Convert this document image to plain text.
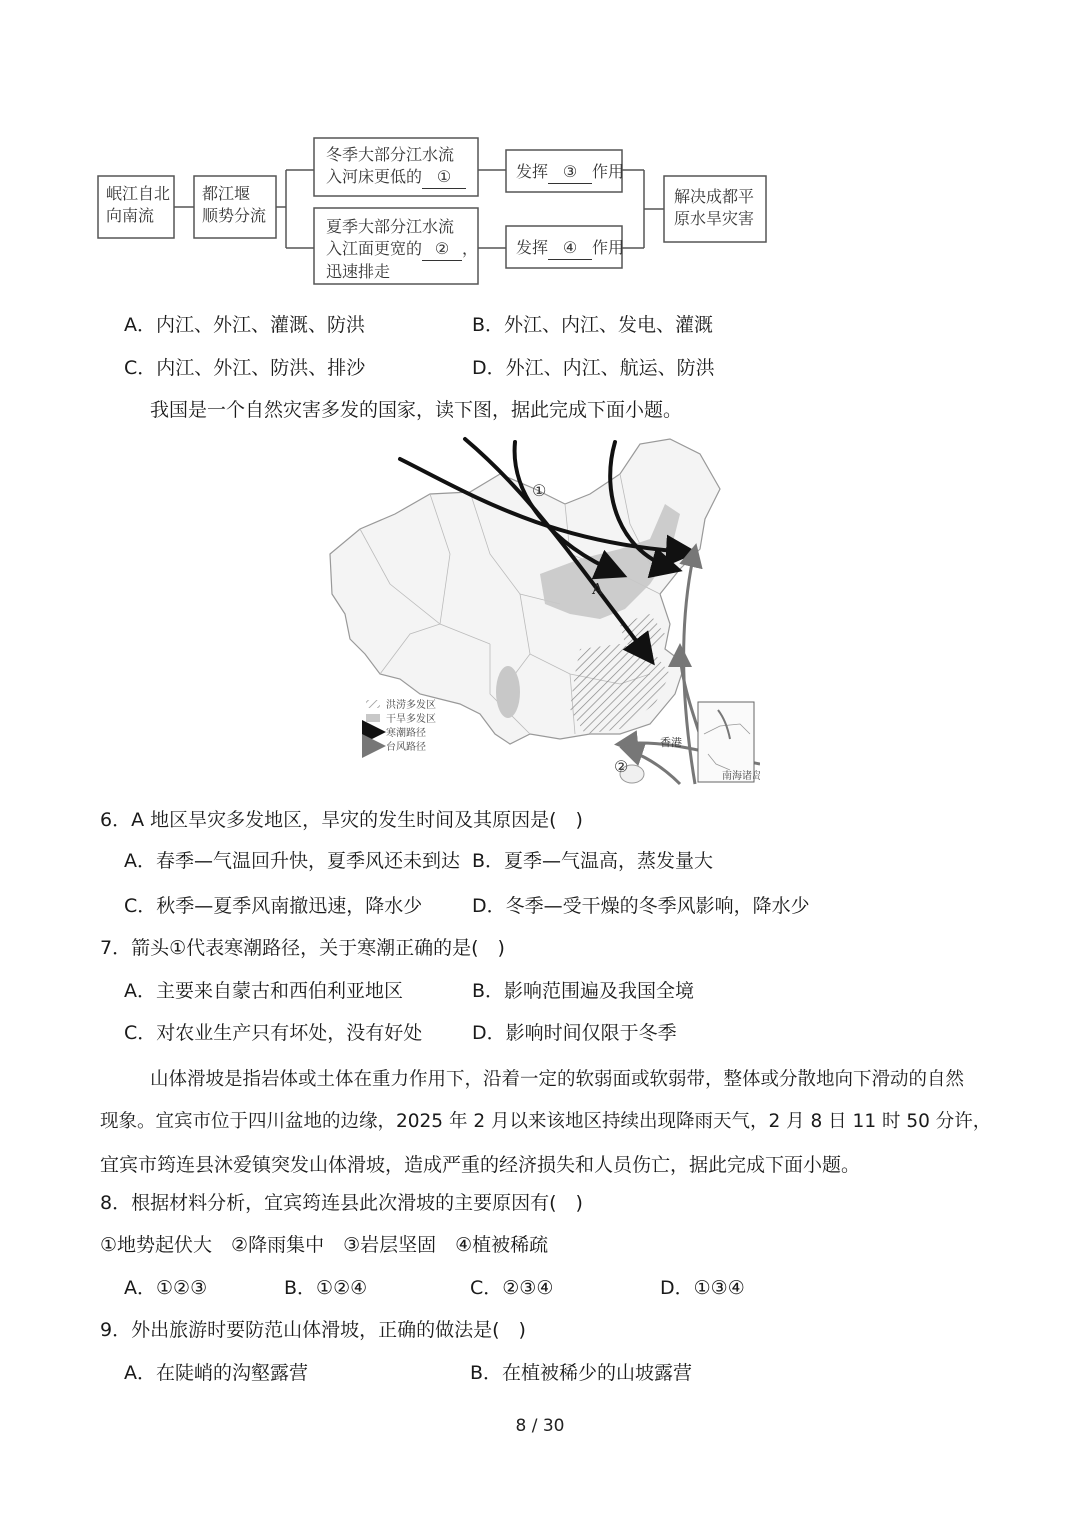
岷江自北
向南流
都江堰
顺势分流
冬季大部分江水流
入河床更低的 ①
夏季大部分江水流
入江面更宽的 ② ，
迅速排走
发挥 ③ 作用
发挥 ④ 作用
解决成都平
原水旱灾害
A．内江、外江、灌溉、防洪	B．外江、内江、发电、灌溉
C．内江、外江、防洪、排沙	D．外江、内江、航运、防洪
我国是一个自然灾害多发的国家，读下图，据此完成下面小题。
南海诸岛
①
A
②
香港
洪涝多发区
干旱多发区
寒潮路径
台风路径
6．A 地区旱灾多发地区，旱灾的发生时间及其原因是(　)
A．春季—气温回升快，夏季风还未到达 B．夏季—气温高，蒸发量大
C．秋季—夏季风南撤迅速，降水少	D．冬季—受干燥的冬季风影响，降水少
7．箭头①代表寒潮路径，关于寒潮正确的是(　)
A．主要来自蒙古和西伯利亚地区	B．影响范围遍及我国全境
C．对农业生产只有坏处，没有好处	D．影响时间仅限于冬季
山体滑坡是指岩体或土体在重力作用下，沿着一定的软弱面或软弱带，整体或分散地向下滑动的自然
现象。宜宾市位于四川盆地的边缘，2025 年 2 月以来该地区持续出现降雨天气，2 月 8 日 11 时 50 分许，
宜宾市筠连县沐爱镇突发山体滑坡，造成严重的经济损失和人员伤亡，据此完成下面小题。
8．根据材料分析，宜宾筠连县此次滑坡的主要原因有(　)
①地势起伏大　②降雨集中　③岩层坚固　④植被稀疏
A．①②③	B．①②④	C．②③④	D．①③④
9．外出旅游时要防范山体滑坡，正确的做法是(　)
A．在陡峭的沟壑露营	B．在植被稀少的山坡露营
8 / 30
